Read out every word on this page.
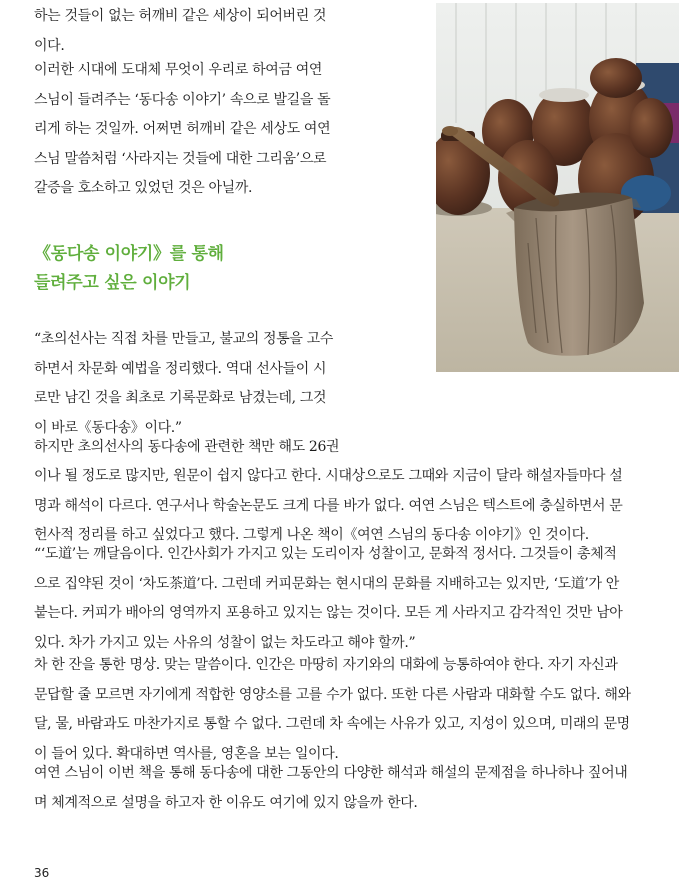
하는 것들이 없는 허깨비 같은 세상이 되어버린 것
이다.

이러한 시대에 도대체 무엇이 우리로 하여금 여연
스님이 들려주는 ‘동다송 이야기’ 속으로 발길을 돌
리게 하는 것일까. 어쩌면 허깨비 같은 세상도 여연
스님 말씀처럼 ‘사라지는 것들에 대한 그리움’으로
갈증을 호소하고 있었던 것은 아닐까.

《동다송 이야기》를 통해
들려주고 싶은 이야기

“초의선사는 직접 차를 만들고, 불교의 정통을 고수
하면서 차문화 예법을 정리했다. 역대 선사들이 시
로만 남긴 것을 최초로 기록문화로 남겼는데, 그것
이 바로《동다송》이다.”

하지만 초의선사의 동다송에 관련한 책만 해도 26권

이나 될 정도로 많지만, 원문이 쉽지 않다고 한다. 시대상으로도 그때와 지금이 달라 해설자들마다 설
명과 해석이 다르다. 연구서나 학술논문도 크게 다를 바가 없다. 여연 스님은 텍스트에 충실하면서 문
헌사적 정리를 하고 싶었다고 했다. 그렇게 나온 책이《여연 스님의 동다송 이야기》인 것이다.

“‘도道’는 깨달음이다. 인간사회가 가지고 있는 도리이자 성찰이고, 문화적 정서다. 그것들이 총체적
으로 집약된 것이 ‘차도茶道’다. 그런데 커피문화는 현시대의 문화를 지배하고는 있지만, ‘도道’가 안
붙는다. 커피가 배아의 영역까지 포용하고 있지는 않는 것이다. 모든 게 사라지고 감각적인 것만 남아
있다. 차가 가지고 있는 사유의 성찰이 없는 차도라고 해야 할까.”

차 한 잔을 통한 명상. 맞는 말씀이다. 인간은 마땅히 자기와의 대화에 능통하여야 한다. 자기 자신과
문답할 줄 모르면 자기에게 적합한 영양소를 고를 수가 없다. 또한 다른 사람과 대화할 수도 없다. 해와
달, 물, 바람과도 마찬가지로 통할 수 없다. 그런데 차 속에는 사유가 있고, 지성이 있으며, 미래의 문명
이 들어 있다. 확대하면 역사를, 영혼을 보는 일이다.

여연 스님이 이번 책을 통해 동다송에 대한 그동안의 다양한 해석과 해설의 문제점을 하나하나 짚어내
며 체계적으로 설명을 하고자 한 이유도 여기에 있지 않을까 한다.

36
